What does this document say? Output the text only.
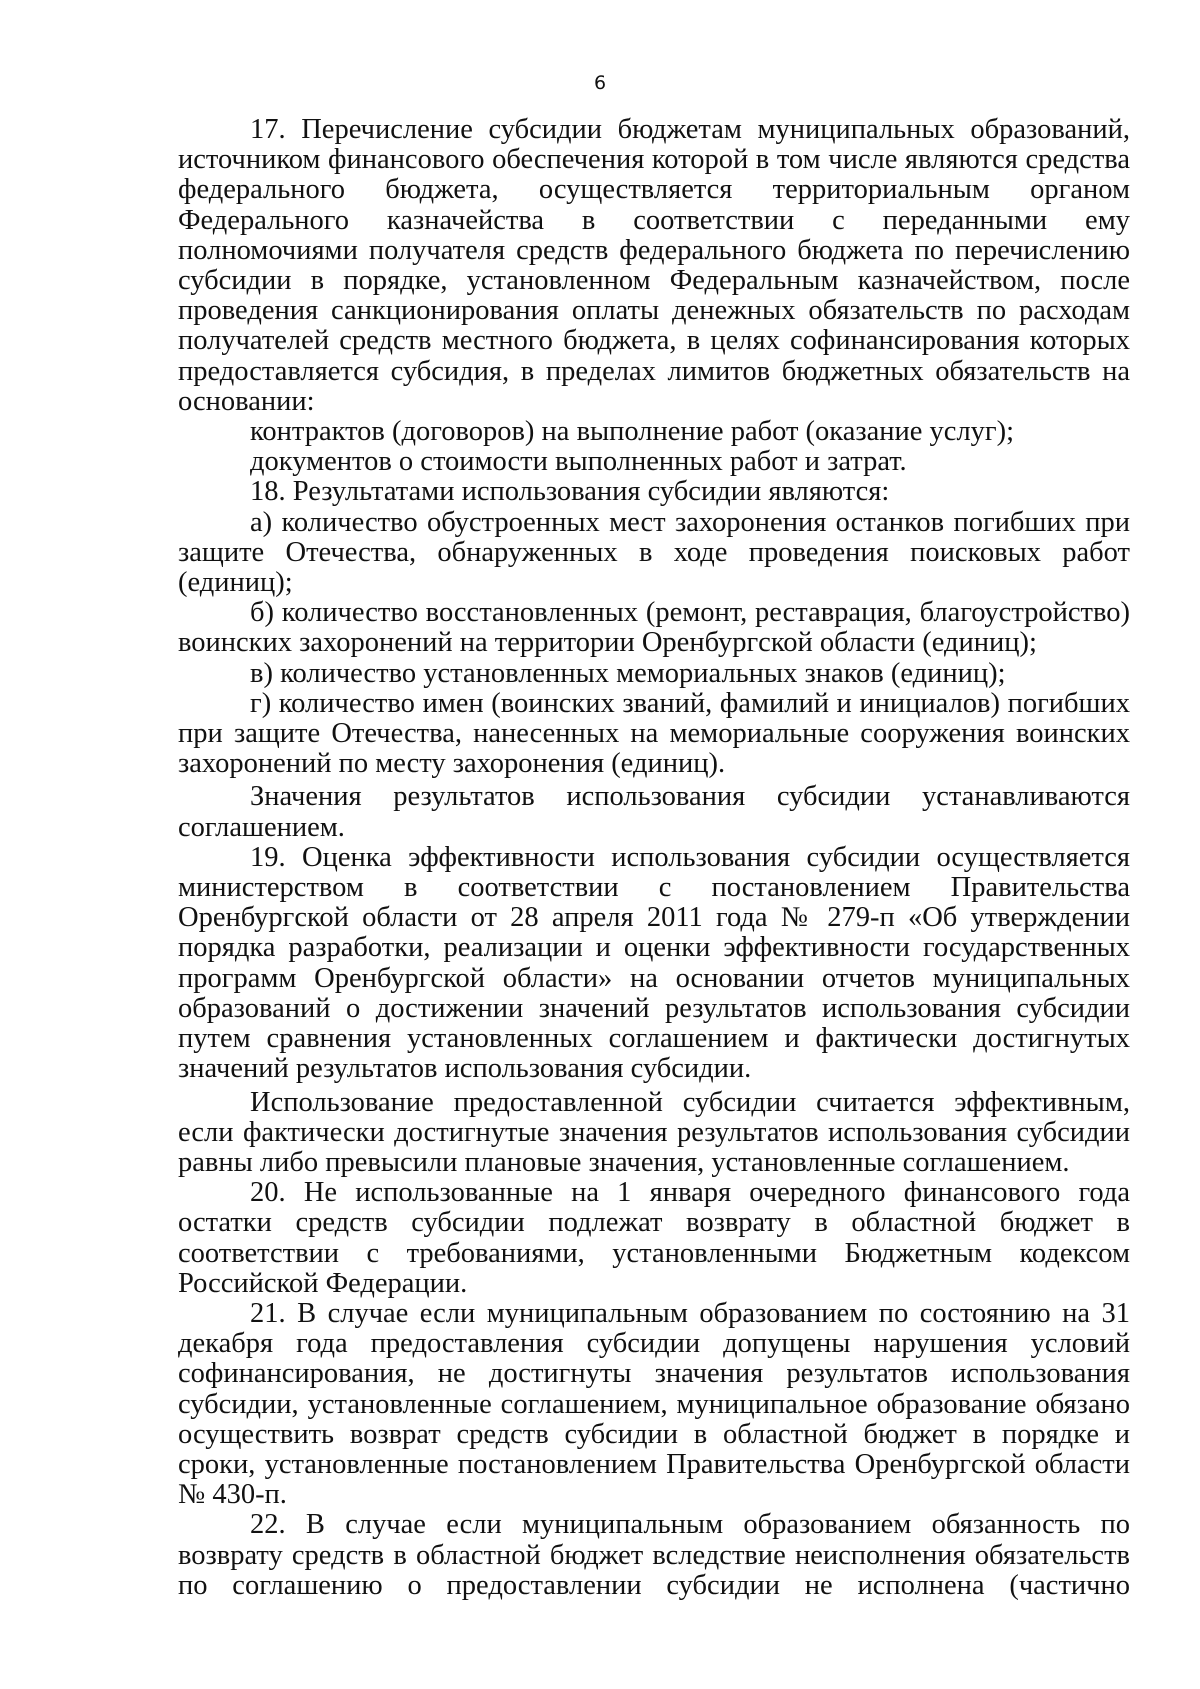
6

17. Перечисление субсидии бюджетам муниципальных образований, источником финансового обеспечения которой в том числе являются средства федерального бюджета, осуществляется территориальным органом Федерального казначейства в соответствии с переданными ему полномочиями получателя средств федерального бюджета по перечислению субсидии в порядке, установленном Федеральным казначейством, после проведения санкционирования оплаты денежных обязательств по расходам получателей средств местного бюджета, в целях софинансирования которых предоставляется субсидия, в пределах лимитов бюджетных обязательств на основании:

контрактов (договоров) на выполнение работ (оказание услуг);

документов о стоимости выполненных работ и затрат.

18. Результатами использования субсидии являются:

а) количество обустроенных мест захоронения останков погибших при защите Отечества, обнаруженных в ходе проведения поисковых работ (единиц);

б) количество восстановленных (ремонт, реставрация, благоустройство) воинских захоронений на территории Оренбургской области (единиц);

в) количество установленных мемориальных знаков (единиц);

г) количество имен (воинских званий, фамилий и инициалов) погибших при защите Отечества, нанесенных на мемориальные сооружения воинских захоронений по месту захоронения (единиц).

Значения результатов использования субсидии устанавливаются соглашением.

19. Оценка эффективности использования субсидии осуществляется министерством в соответствии с постановлением Правительства Оренбургской области от 28 апреля 2011 года № 279-п «Об утверждении порядка разработки, реализации и оценки эффективности государственных программ Оренбургской области» на основании отчетов муниципальных образований о достижении значений результатов использования субсидии путем сравнения установленных соглашением и фактически достигнутых значений результатов использования субсидии.

Использование предоставленной субсидии считается эффективным, если фактически достигнутые значения результатов использования субсидии равны либо превысили плановые значения, установленные соглашением.

20. Не использованные на 1 января очередного финансового года остатки средств субсидии подлежат возврату в областной бюджет в соответствии с требованиями, установленными Бюджетным кодексом Российской Федерации.

21. В случае если муниципальным образованием по состоянию на 31 декабря года предоставления субсидии допущены нарушения условий софинансирования, не достигнуты значения результатов использования субсидии, установленные соглашением, муниципальное образование обязано осуществить возврат средств субсидии в областной бюджет в порядке и сроки, установленные постановлением Правительства Оренбургской области № 430-п.

22. В случае если муниципальным образованием обязанность по возврату средств в областной бюджет вследствие неисполнения обязательств по соглашению о предоставлении субсидии не исполнена (частично
